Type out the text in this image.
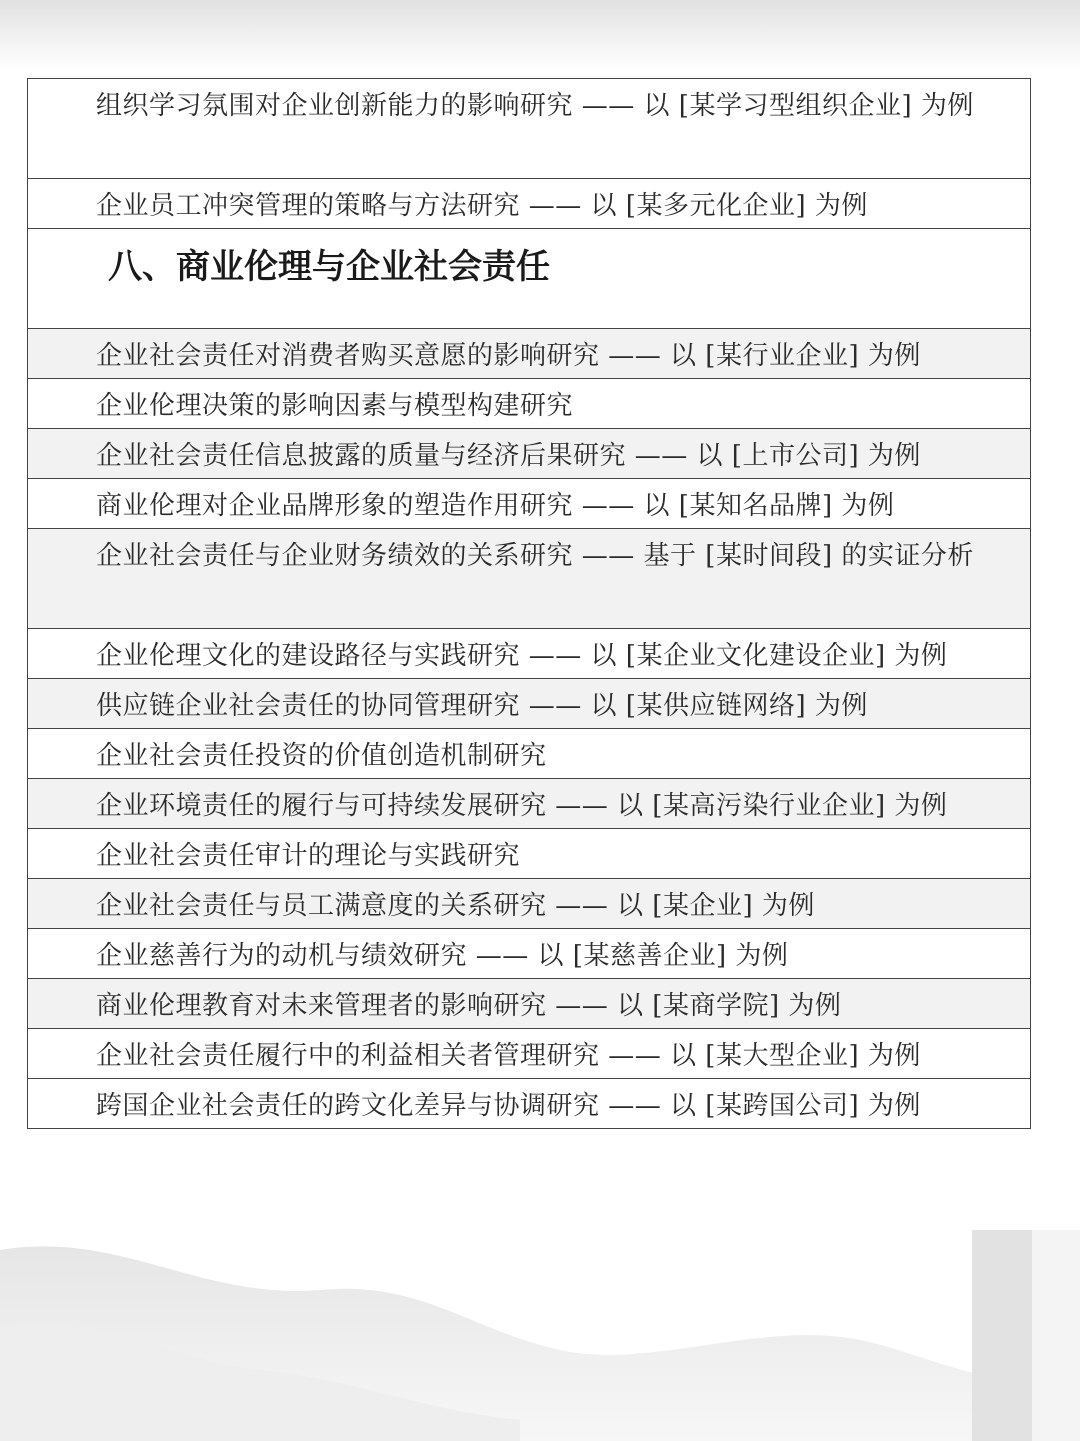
组织学习氛围对企业创新能力的影响研究 —— 以 [某学习型组织企业] 为例
企业员工冲突管理的策略与方法研究 —— 以 [某多元化企业] 为例
八、商业伦理与企业社会责任
企业社会责任对消费者购买意愿的影响研究 —— 以 [某行业企业] 为例
企业伦理决策的影响因素与模型构建研究
企业社会责任信息披露的质量与经济后果研究 —— 以 [上市公司] 为例
商业伦理对企业品牌形象的塑造作用研究 —— 以 [某知名品牌] 为例
企业社会责任与企业财务绩效的关系研究 —— 基于 [某时间段] 的实证分析
企业伦理文化的建设路径与实践研究 —— 以 [某企业文化建设企业] 为例
供应链企业社会责任的协同管理研究 —— 以 [某供应链网络] 为例
企业社会责任投资的价值创造机制研究
企业环境责任的履行与可持续发展研究 —— 以 [某高污染行业企业] 为例
企业社会责任审计的理论与实践研究
企业社会责任与员工满意度的关系研究 —— 以 [某企业] 为例
企业慈善行为的动机与绩效研究 —— 以 [某慈善企业] 为例
商业伦理教育对未来管理者的影响研究 —— 以 [某商学院] 为例
企业社会责任履行中的利益相关者管理研究 —— 以 [某大型企业] 为例
跨国企业社会责任的跨文化差异与协调研究 —— 以 [某跨国公司] 为例
